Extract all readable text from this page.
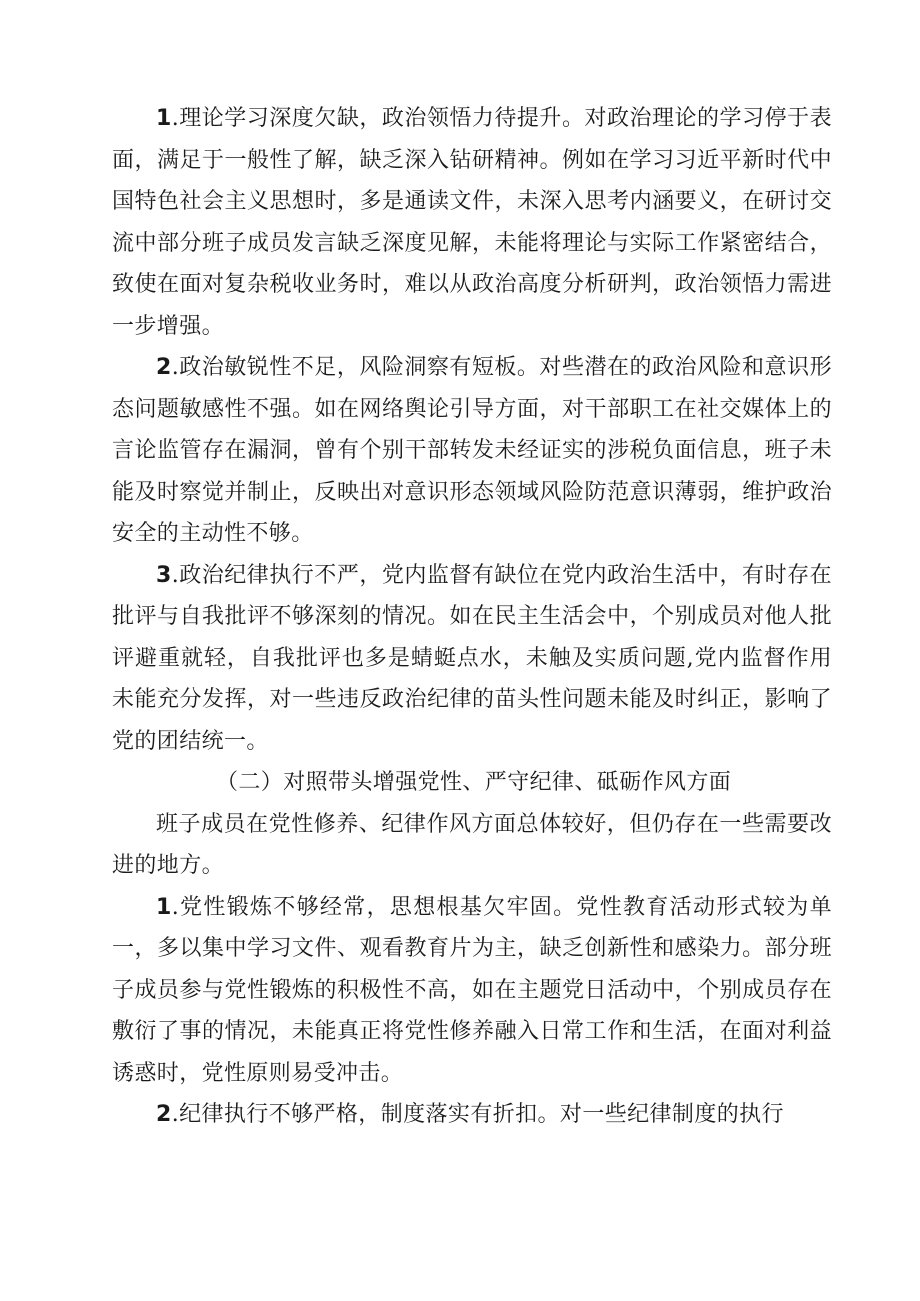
1.理论学习深度欠缺，政治领悟力待提升。对政治理论的学习停于表面，满足于一般性了解，缺乏深入钻研精神。例如在学习习近平新时代中国特色社会主义思想时，多是通读文件，未深入思考内涵要义，在研讨交流中部分班子成员发言缺乏深度见解，未能将理论与实际工作紧密结合，致使在面对复杂税收业务时，难以从政治高度分析研判，政治领悟力需进一步增强。

2.政治敏锐性不足，风险洞察有短板。对些潜在的政治风险和意识形态问题敏感性不强。如在网络舆论引导方面，对干部职工在社交媒体上的言论监管存在漏洞，曾有个别干部转发未经证实的涉税负面信息，班子未能及时察觉并制止，反映出对意识形态领域风险防范意识薄弱，维护政治安全的主动性不够。

3.政治纪律执行不严，党内监督有缺位在党内政治生活中，有时存在批评与自我批评不够深刻的情况。如在民主生活会中，个别成员对他人批评避重就轻，自我批评也多是蜻蜓点水，未触及实质问题,党内监督作用未能充分发挥，对一些违反政治纪律的苗头性问题未能及时纠正，影响了党的团结统一。

（二）对照带头增强党性、严守纪律、砥砺作风方面

班子成员在党性修养、纪律作风方面总体较好，但仍存在一些需要改进的地方。

1.党性锻炼不够经常，思想根基欠牢固。党性教育活动形式较为单一，多以集中学习文件、观看教育片为主，缺乏创新性和感染力。部分班子成员参与党性锻炼的积极性不高，如在主题党日活动中，个别成员存在敷衍了事的情况，未能真正将党性修养融入日常工作和生活，在面对利益诱惑时，党性原则易受冲击。

2.纪律执行不够严格，制度落实有折扣。对一些纪律制度的执行
